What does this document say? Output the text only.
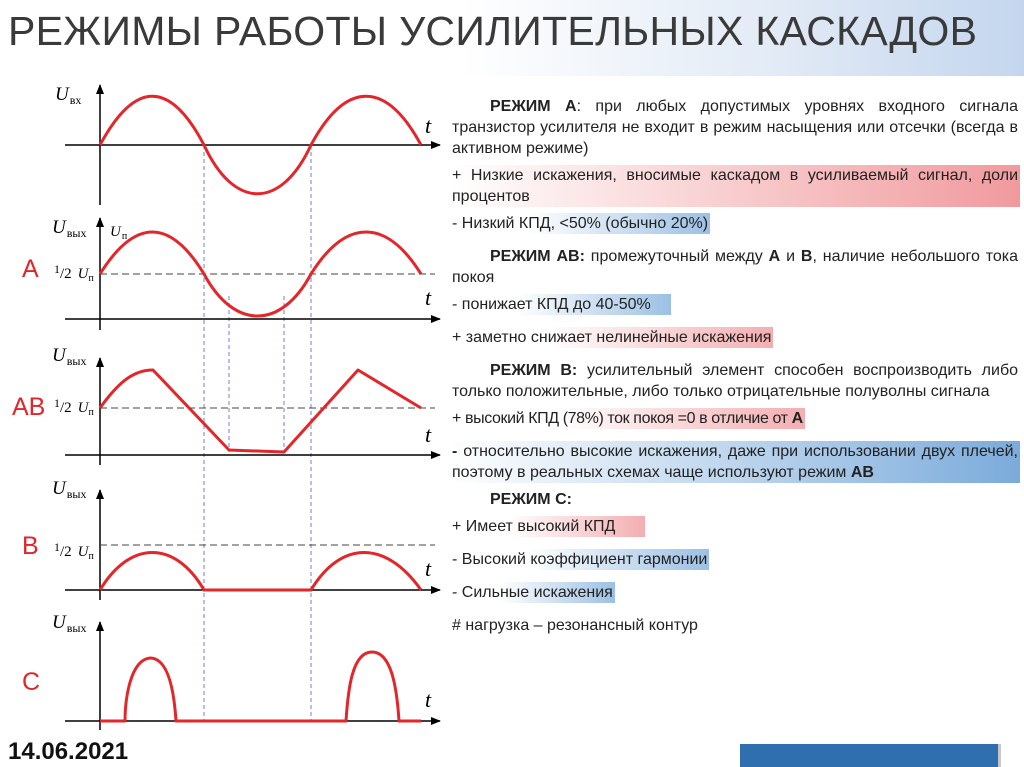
РЕЖИМЫ РАБОТЫ УСИЛИТЕЛЬНЫХ КАСКАДОВ
$U_{вх}$
t
$U_{вых}$ $U_п$
$^1$/2 $U_п$
t
$U_{вых}$
$^1$/2 $U_п$
t
$U_{вых}$
$^1$/2 $U_п$	t
$U_{вых}$
t
A
AB
B
C
РЕЖИМ А: при любых допустимых уровнях входного сигнала транзистор усилителя не входит в режим насыщения или отсечки (всегда в активном режиме)
+ Низкие искажения, вносимые каскадом в усиливаемый сигнал, доли процентов
- Низкий КПД, <50% (обычно 20%)
РЕЖИМ АВ: промежуточный между А и В, наличие небольшого тока покоя
- понижает КПД до 40-50%
+ заметно снижает нелинейные искажения
РЕЖИМ В: усилительный элемент способен воспроизводить либо только положительные, либо только отрицательные полуволны сигнала
+ высокий КПД (78%) ток покоя =0 в отличие от А
- относительно высокие искажения, даже при использовании двух плечей, поэтому в реальных схемах чаще используют режим АВ
РЕЖИМ С:
+ Имеет высокий КПД
- Высокий коэффициент гармонии
- Сильные искажения
# нагрузка – резонансный контур
14.06.2021
